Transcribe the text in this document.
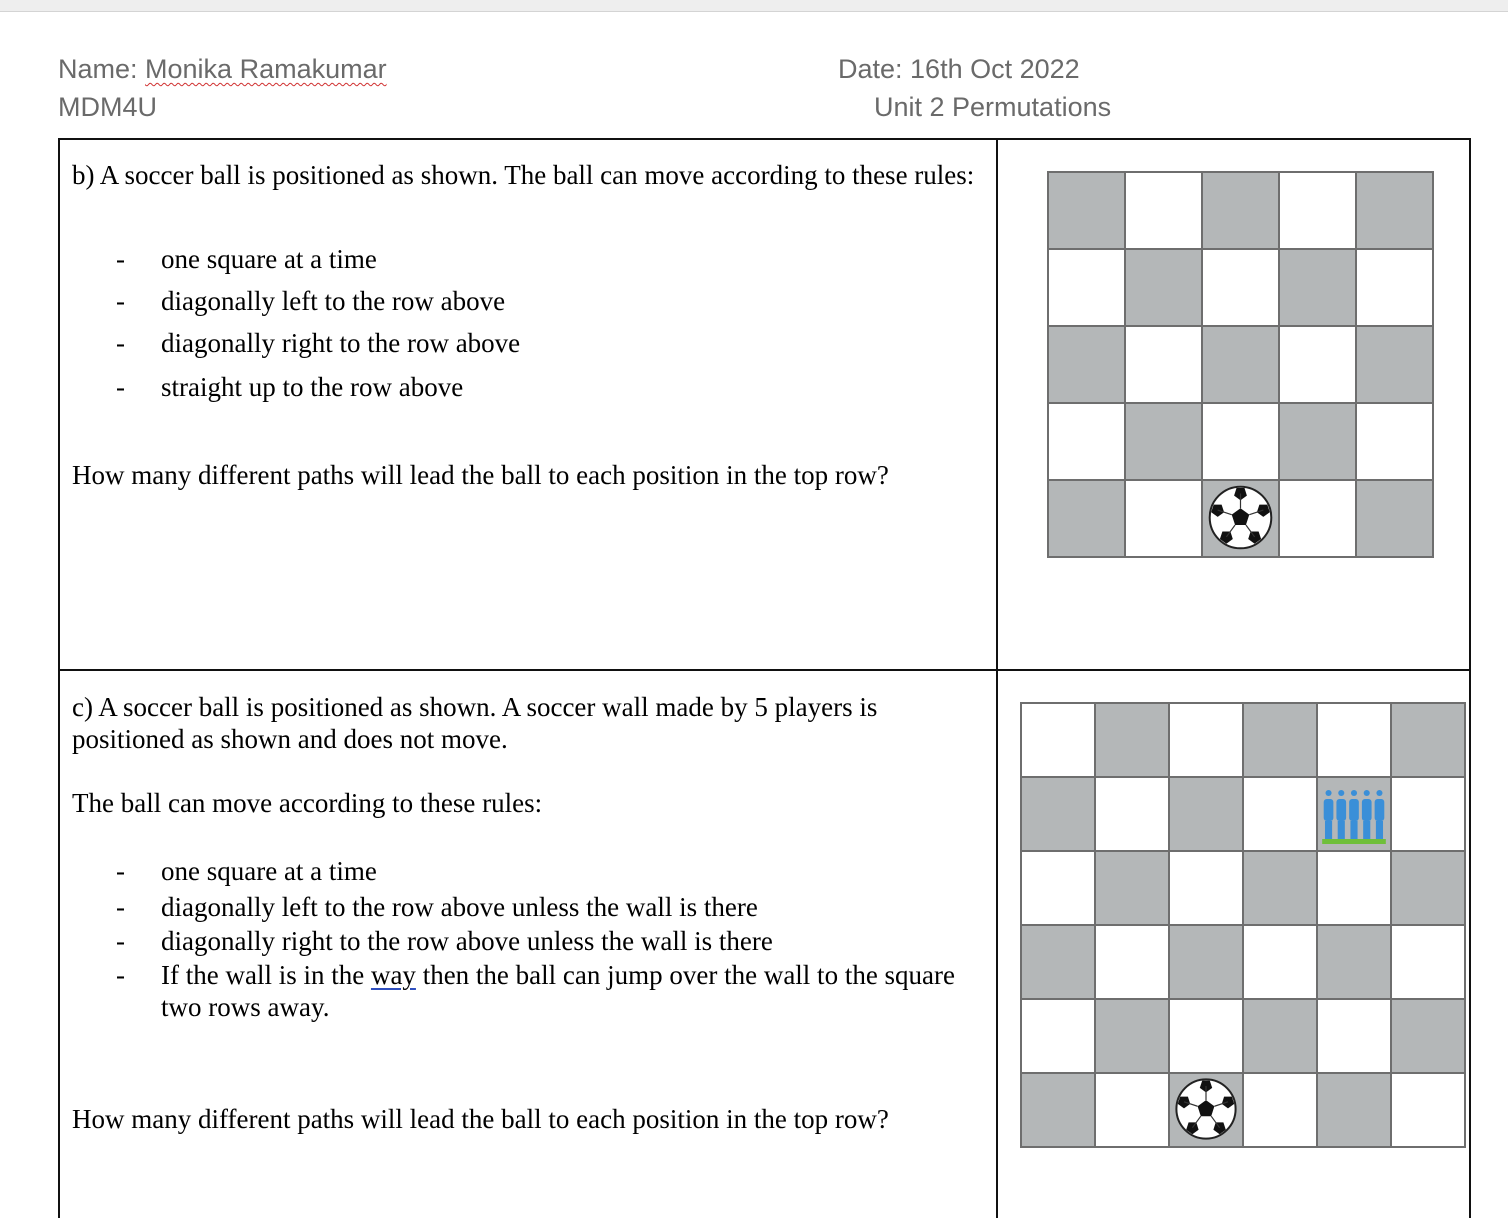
Name: Monika Ramakumar
MDM4U
Date: 16th Oct 2022
Unit 2 Permutations
b) A soccer ball is positioned as shown. The ball can move according to these rules:
- one square at a time
- diagonally left to the row above
- diagonally right to the row above
- straight up to the row above
How many different paths will lead the ball to each position in the top row?
c) A soccer ball is positioned as shown. A soccer wall made by 5 players is
positioned as shown and does not move.
The ball can move according to these rules:
- one square at a time
- diagonally left to the row above unless the wall is there
- diagonally right to the row above unless the wall is there
- If the wall is in the way then the ball can jump over the wall to the square
two rows away.
How many different paths will lead the ball to each position in the top row?
